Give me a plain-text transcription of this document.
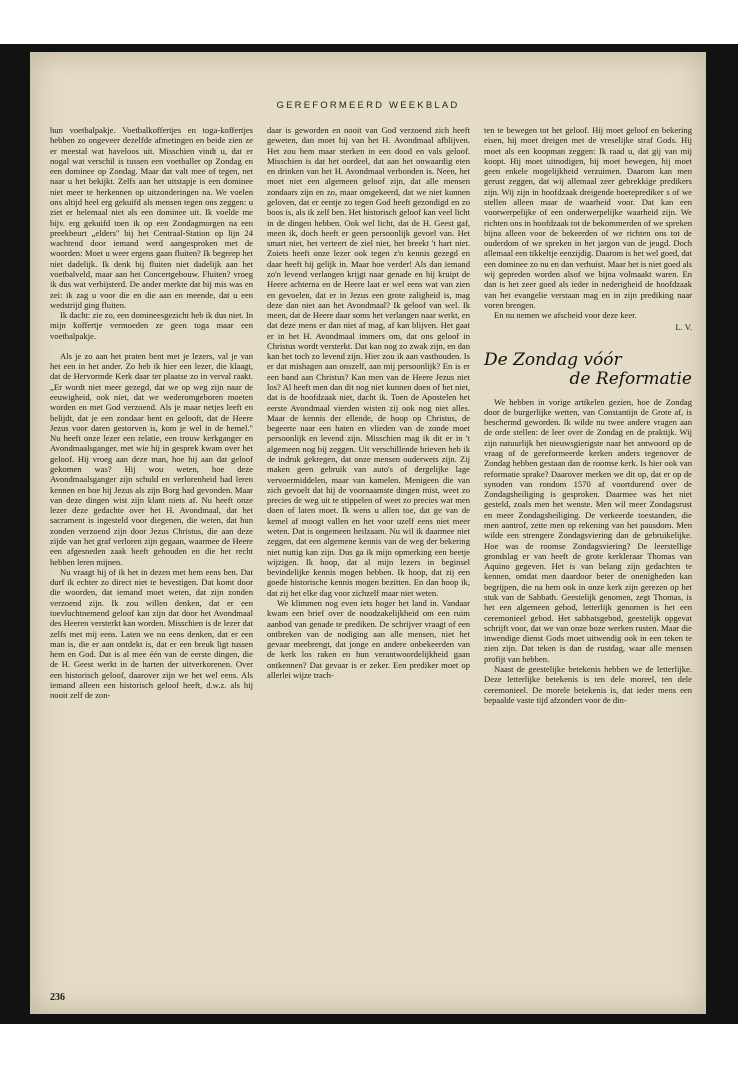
GEREFORMEERD WEEKBLAD

hun voetbalpakje. Voetbalkoffertjes en toga-koffertjes hebben zo ongeveer dezelfde afmetingen en beide zien ze er meestal wat haveloos uit. Misschien vindt u, dat er nogal wat verschil is tussen een voetballer op Zondag en een dominee op Zondag. Maar dat valt mee of tegen, net naar u het bekijkt. Zelfs aan het uitstapje is een dominee niet meer te herkennen op uitzonderingen na. We voelen ons altijd heel erg gekuifd als mensen tegen ons zeggen: u ziet er helemaal niet als een dominee uit. Ik voelde me bijv. erg gekuifd toen ik op een Zondagmorgen na een preekbeurt „elders" bij het Centraal-Station op lijn 24 wachtend door iemand werd aangesproken met de woorden: Moet u weer ergens gaan fluiten? Ik begreep het niet dadelijk. Ik denk bij fluiten niet dadelijk aan het voetbalveld, maar aan het Concertgebouw. Fluiten? vroeg ik dus wat verbijsterd. De ander merkte dat hij mis was en zei: ik zag u voor die en die aan en meende, dat u een wedstrijd ging fluiten.

Ik dacht: zie zo, een domineesgezicht heb ik dus niet. In mijn koffertje vermoeden ze geen toga maar een voetbalpakje.

Als je zo aan het praten bent met je lezers, val je van het een in het ander. Zo heb ik hier een lezer, die klaagt, dat de Hervormde Kerk daar ter plaatse zo in verval raakt. „Er wordt niet meer gezegd, dat we op weg zijn naar de eeuwigheid, ook niet, dat we wederomgeboren moeten worden en met God verzoend. Als je maar netjes leeft en belijdt, dat je een zondaar bent en gelooft, dat de Heere Jezus voor daren gestorven is, kom je wel in de hemel." Nu heeft onze lezer een relatie, een trouw kerkganger en Avondmaalsganger, met wie hij in gesprek kwam over het geloof. Hij vroeg aan deze man, hoe hij aan dat geloof gekomen was? Hij wou weten, hoe deze Avondmaalsganger zijn schuld en verlorenheid had leren kennen en hoe hij Jezus als zijn Borg had gevonden. Maar van deze dingen wist zijn klant niets af. Nu heeft onze lezer deze gedachte over het H. Avondmaal, dat het sacrament is ingesteld voor diegenen, die weten, dat hun zonden verzoend zijn door Jezus Christus, die aan deze zijde van het graf verloren zijn gegaan, waarmee de Heere een afgesneden zaak heeft gehouden en die het recht hebben leren mijnen.

Nu vraagt hij of ik het in dezen met hem eens ben. Dat durf ik echter zo direct niet te bevestigen. Dat komt door die woorden, dat iemand moet weten, dat zijn zonden verzoend zijn. Ik zou willen denken, dat er een toevluchtnemend geloof kan zijn dat door het Avondmaal des Heeren versterkt kan worden. Misschien is de lezer dat zelfs met mij eens. Laten we nu eens denken, dat er een man is, die er aan ontdekt is, dat er een breuk ligt tussen hem en God. Dat is al mee één van de eerste dingen, die de H. Geest werkt in de harten der uitverkorenen. Over een historisch geloof, daarover zijn we het wel eens. Als iemand alleen een historisch geloof heeft, d.w.z. als hij nooit zelf de zon-

daar is geworden en nooit van God verzoend zich heeft geweten, dan moet hij van het H. Avondmaal afblijven. Het zou hem maar sterken in een dood en vals geloof. Misschien is dat het oordeel, dat aan het onwaardig eten en drinken van het H. Avondmaal verbonden is. Neen, het moet niet een algemeen geloof zijn, dat alle mensen zondaars zijn en zo, maar omgekeerd, dat we niet kunnen geloven, dat er eentje zo tegen God heeft gezondigd en zo boos is, als ik zelf ben. Het historisch geloof kan veel licht in de dingen hebben. Ook wel licht, dat de H. Geest gaf, meen ik, doch heeft er geen persoonlijk gevoel van. Het smart niet, het verteert de ziel niet, het breekt 't hart niet. Zoiets heeft onze lezer ook tegen z'n kennis gezegd en daar heeft hij gelijk in. Maar hoe verder! Als dan iemand zo'n levend verlangen krijgt naar genade en hij kruipt de Heere achterna en de Heere laat er wel eens wat van zien en gevoelen, dat er in Jezus een grote zaligheid is, mag deze dan niet aan het Avondmaal? Ik geloof van wel. Ik meen, dat de Heere daar soms het verlangen naar werkt, en dat deze mens er dan niet af mag, af kan blijven. Het gaat er in het H. Avondmaal immers om, dat ons geloof in Christus wordt versterkt. Dat kan nog zo zwak zijn, en dan kan het toch zo levend zijn. Hier zou ik aan vasthouden. Is er dat mishagen aan onszelf, aan mij persoonlijk? En is er een band aan Christus? Kan men van de Heere Jezus niet los? Al heeft men dan dit nog niet kunnen doen of het niet, dat is de hoofdzaak niet, dacht ik. Toen de Apostelen het eerste Avondmaal vierden wisten zij ook nog niet alles. Maar de kennis der ellende, de hoop op Christus, de begeerte naar een haten en vlieden van de zonde moet persoonlijk en levend zijn. Misschien mag ik dit er in 't algemeen nog bij zeggen. Uit verschillende brieven heb ik de indruk gekregen, dat onze mensen ouderwets zijn. Zij maken geen gebruik van auto's of dergelijke lage vervoermiddelen, maar van kamelen. Menigeen die van zich gevoelt dat hij de voornaamste dingen mist, weet zo precies de weg uit te stippelen of weet zo precies wat men doen of laten moet. Ik wens u allen toe, dat ge van de kemel af moogt vallen en het voor uzelf eens niet meer weten. Dat is ongemeen heilzaam. Nu wil ik daarmee niet zeggen, dat een algemene kennis van de weg der bekering niet nuttig kan zijn. Dus ga ik mijn opmerking een beetje wijzigen. Ik hoop, dat al mijn lezers in beginsel bevindelijke kennis mogen hebben. Ik hoop, dat zij een goede historische kennis mogen bezitten. En dan hoop ik, dat zij het elke dag voor zichzelf maar niet weten.

We klimmen nog even iets hoger het land in. Vandaar kwam een brief over de noodzakelijkheid om een ruim aanbod van genade te prediken. De schrijver vraagt of een ontbreken van de nodiging aan alle mensen, niet het gevaar meebrengt, dat jonge en andere onbekeerden van de kerk los raken en hun verantwoordelijkheid gaan ontkennen? Dat gevaar is er zeker. Een prediker moet op allerlei wijze trach-

ten te bewegen tot het geloof. Hij moet geloof en bekering eisen, hij moet dreigen met de vreselijke straf Gods. Hij moet als een koopman zeggen: Ik raad u, dat gij van mij koopt. Hij moet uitnodigen, hij moet bewegen, hij moet geen enkele mogelijkheid verzuimen. Daarom kan men gerust zeggen, dat wij allemaal zeer gebrekkige predikers zijn. Wij zijn in hoofdzaak dreigende boeteprediker s of we stellen alleen maar de waarheid voor. Dat kan een voorwerpelijke of een onderwerpelijke waarheid zijn. We richten ons in hoofdzaak tot de bekommerden of we spreken bijna alleen voor de bekeerden of we richten ons tot de ouderdom of we spreken in het jargon van de jeugd. Doch allemaal een tikkeltje eenzijdig. Daarom is het wel goed, dat een dominee zo nu en dan verhuist. Maar het is niet goed als wij gepreden worden alsof we bijna volmaakt waren. En dan is het zeer goed als ieder in nederigheid de hoofdzaak van het evangelie verstaan mag en in zijn prediking naar voren brengen.

En nu nemen we afscheid voor deze keer.

L. V.

De Zondag vóór
de Reformatie

We hebben in vorige artikelen gezien, hoe de Zondag door de burgerlijke wetten, van Constantijn de Grote af, is beschermd geworden. Ik wilde nu twee andere vragen aan de orde stellen: de leer over de Zondag en de praktijk. Wij zijn natuurlijk het nieuwsgierigste naar het antwoord op de vraag of de gereformeerde kerken anders tegenover de Zondag hebben gestaan dan de roomse kerk. Is hier ook van reformatie sprake? Daarover merken we dit op, dat er op de synoden van rondom 1570 af voortdurend over de Zondagsheiliging is gesproken. Daarmee was het niet gesteld, zoals men het wenste. Men wil meer Zondagsrust en meer Zondagsheiliging. De verkeerde toestanden, die men aantrof, zette men op rekening van het pausdom. Men wilde een strengere Zondagsviering dan de gebruikelijke. Hoe was de roomse Zondagsviering? De leerstellige grondslag er van heeft de grote kerkleraar Thomas van Aquino gegeven. Het is van belang zijn gedachten te kennen, omdat men daardoor beter de onenigheden kan begrijpen, die na hem ook in onze kerk zijn gerezen op het stuk van de Sabbath. Geestelijk genomen, zegt Thomas, is het een algemeen gebod, letterlijk genomen is het een ceremonieel gebod. Het sabbatsgebod, geestelijk opgevat schrijft voor, dat we van onze boze werken rusten. Maar die inwendige dienst Gods moet uitwendig ook in een teken te zien zijn. Dat teken is dan de rustdag, waar alle mensen profijt van hebben.

Naast de geestelijke betekenis hebben we de letterlijke. Deze letterlijke betekenis is ten dele moreel, ten dele ceremonieel. De morele betekenis is, dat ieder mens een bepaalde vaste tijd afzondert voor de din-

236
